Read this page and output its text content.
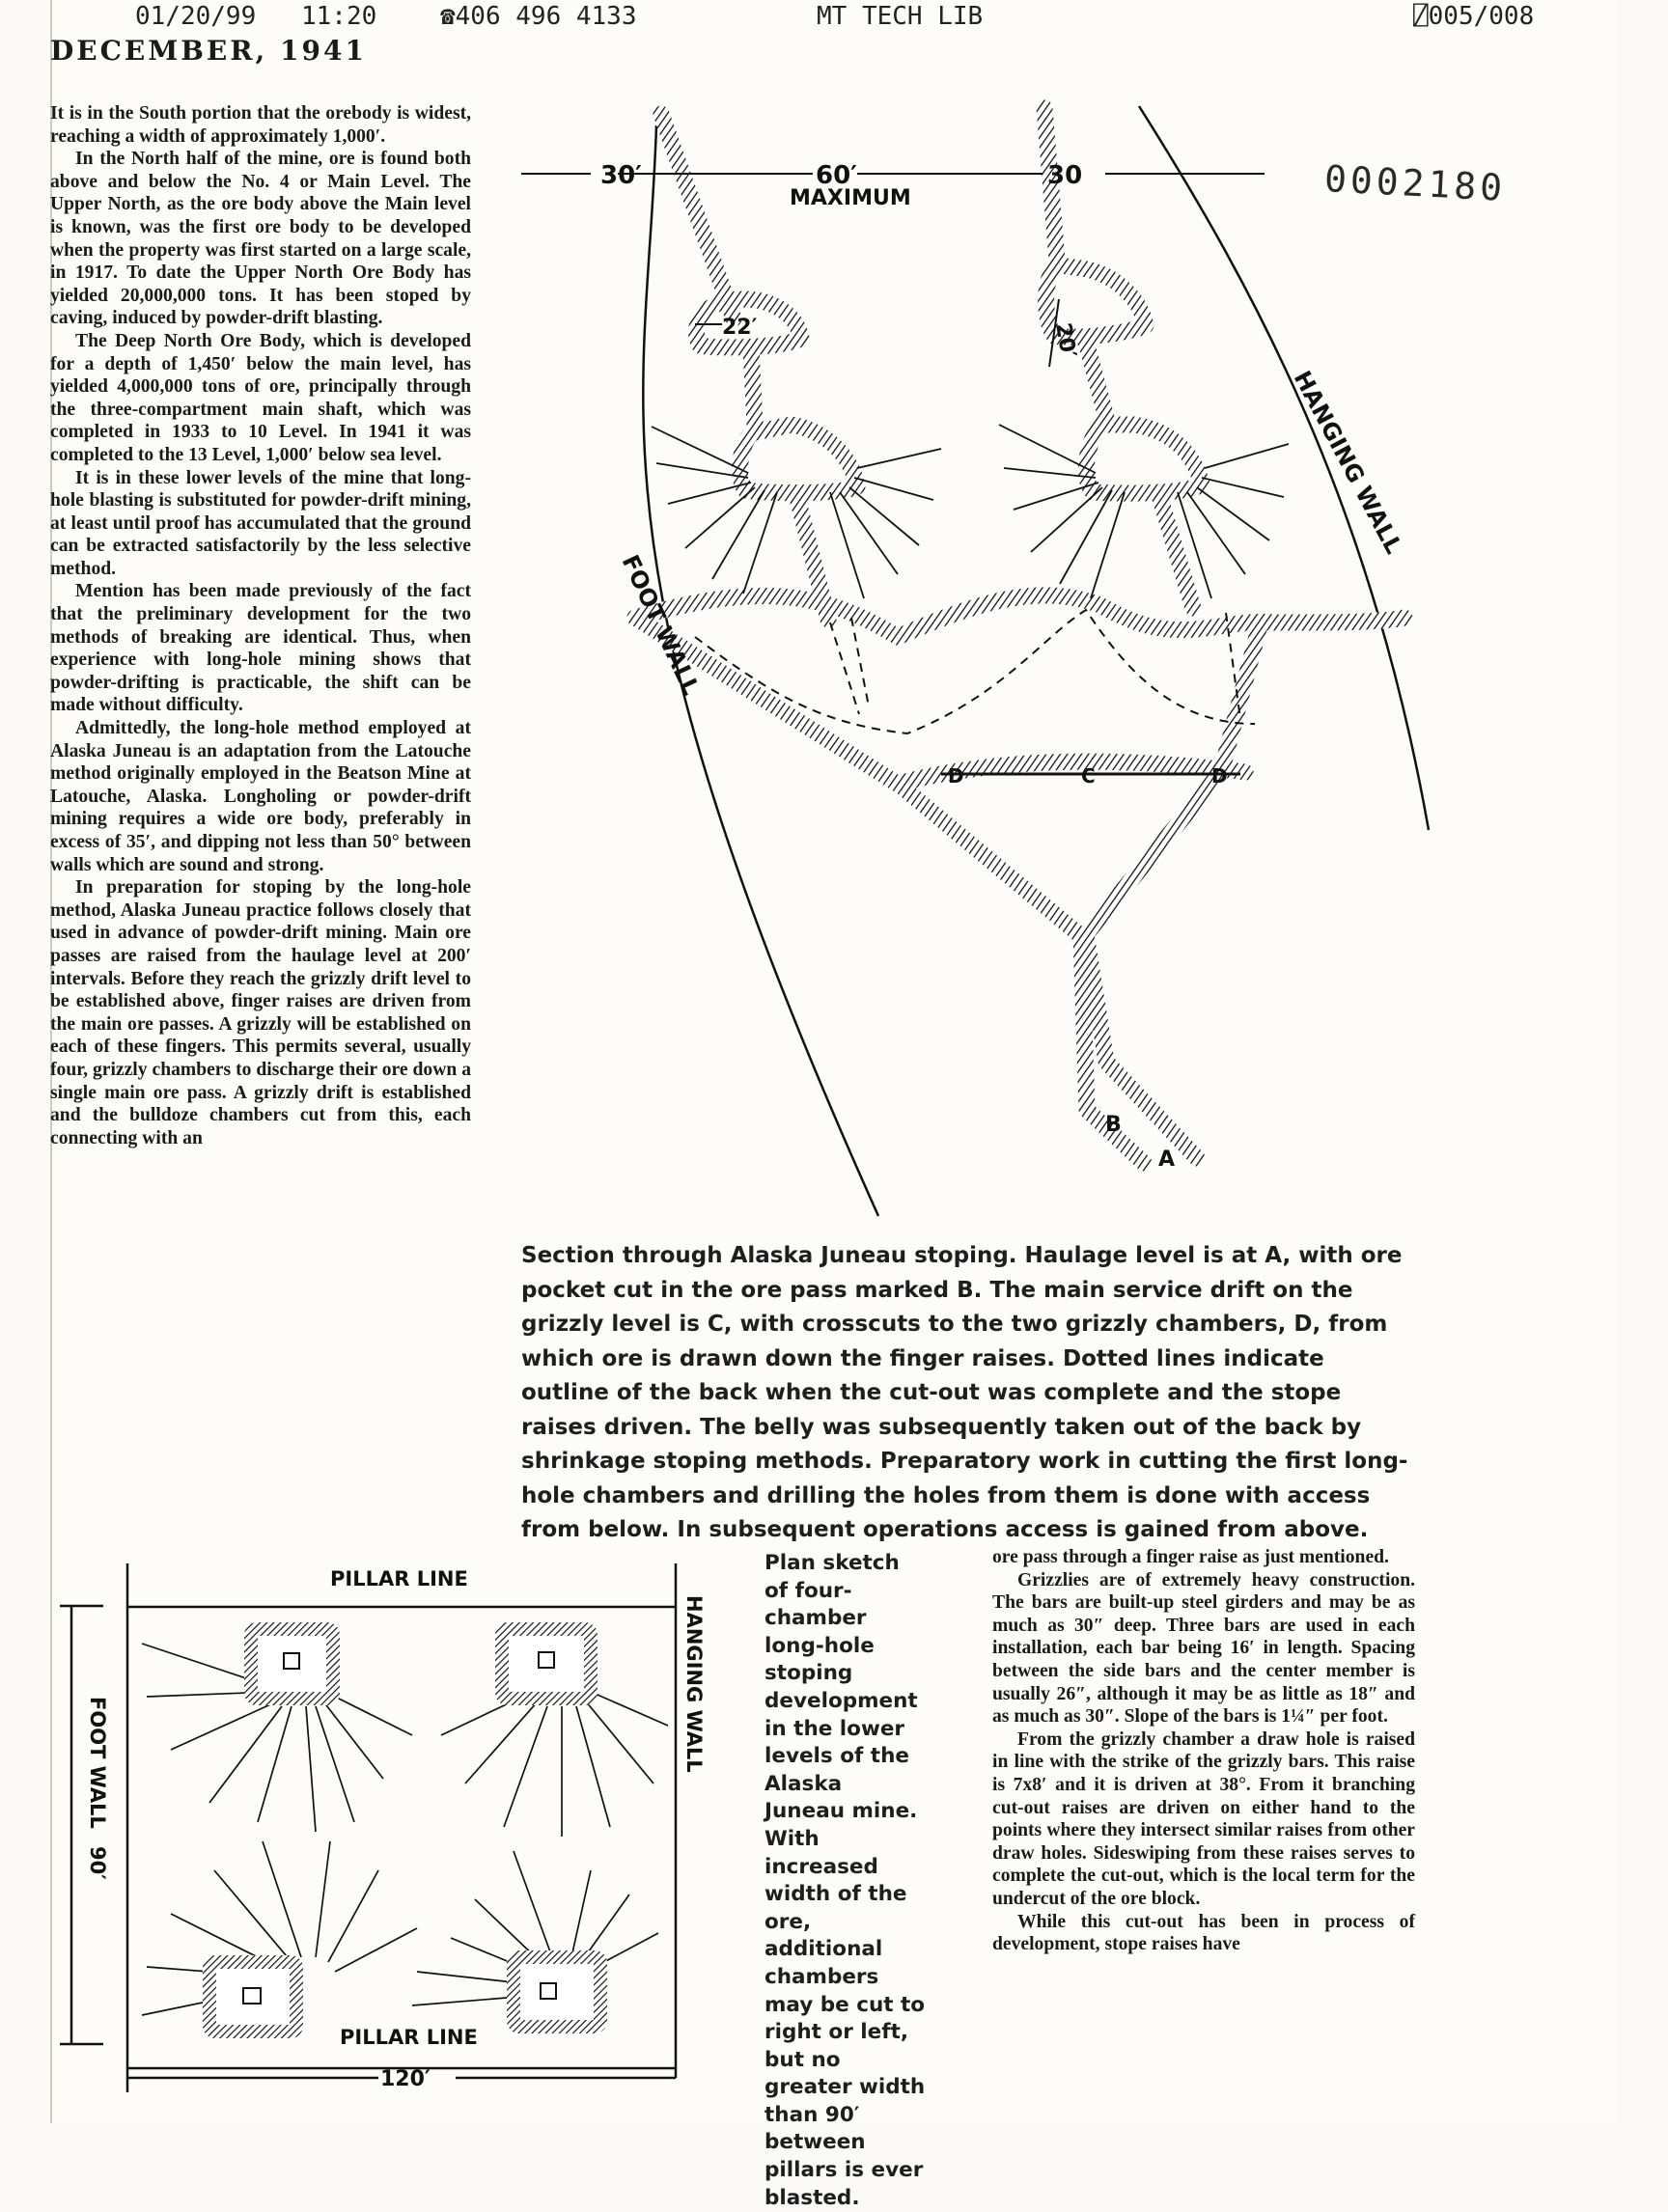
01/20/99 11:20	☎406 496 4133	MT TECH LIB	⍁005/008
DECEMBER, 1941
0002180

It is in the South portion that the orebody is widest, reaching a width of approximately 1,000′.

In the North half of the mine, ore is found both above and below the No. 4 or Main Level. The Upper North, as the ore body above the Main level is known, was the first ore body to be developed when the property was first started on a large scale, in 1917. To date the Upper North Ore Body has yielded 20,000,000 tons. It has been stoped by caving, induced by powder-drift blasting.

The Deep North Ore Body, which is developed for a depth of 1,450′ below the main level, has yielded 4,000,000 tons of ore, principally through the three-compartment main shaft, which was completed in 1933 to 10 Level. In 1941 it was completed to the 13 Level, 1,000′ below sea level.

It is in these lower levels of the mine that long-hole blasting is substituted for powder-drift mining, at least until proof has accumulated that the ground can be extracted satisfactorily by the less selective method.

Mention has been made previously of the fact that the preliminary development for the two methods of breaking are identical. Thus, when experience with long-hole mining shows that powder-drifting is practicable, the shift can be made without difficulty.

Admittedly, the long-hole method employed at Alaska Juneau is an adaptation from the Latouche method originally employed in the Beatson Mine at Latouche, Alaska. Longholing or powder-drift mining requires a wide ore body, preferably in excess of 35′, and dipping not less than 50° between walls which are sound and strong.

In preparation for stoping by the long-hole method, Alaska Juneau practice follows closely that used in advance of powder-drift mining. Main ore passes are raised from the haulage level at 200′ intervals. Before they reach the grizzly drift level to be established above, finger raises are driven from the main ore passes. A grizzly will be established on each of these fingers. This permits several, usually four, grizzly chambers to discharge their ore down a single main ore pass. A grizzly drift is established and the bulldoze chambers cut from this, each connecting with an

30′	60′
MAXIMUM
30
22′	20′
HANGING WALL
FOOT WALL
D	C	D
B
A
Section through Alaska Juneau stoping. Haulage level is at A, with ore pocket cut in the ore pass marked B. The main service drift on the grizzly level is C, with crosscuts to the two grizzly chambers, D, from which ore is drawn down the finger raises. Dotted lines indicate outline of the back when the cut-out was complete and the stope raises driven. The belly was subsequently taken out of the back by shrinkage stoping methods. Preparatory work in cutting the first long-hole chambers and drilling the holes from them is done with access from below. In subsequent operations access is gained from above.
PILLAR LINE
PILLAR LINE
HANGING WALL
FOOT WALL
90′
120′
Plan sketch of four-chamber long-hole stoping development in the lower levels of the Alaska Juneau mine. With increased width of the ore, additional chambers may be cut to right or left, but no greater width than 90′ between pillars is ever blasted.

ore pass through a finger raise as just mentioned.

Grizzlies are of extremely heavy construction. The bars are built-up steel girders and may be as much as 30″ deep. Three bars are used in each installation, each bar being 16′ in length. Spacing between the side bars and the center member is usually 26″, although it may be as little as 18″ and as much as 30″. Slope of the bars is 1¼″ per foot.

From the grizzly chamber a draw hole is raised in line with the strike of the grizzly bars. This raise is 7x8′ and it is driven at 38°. From it branching cut-out raises are driven on either hand to the points where they intersect similar raises from other draw holes. Sideswiping from these raises serves to complete the cut-out, which is the local term for the undercut of the ore block.

While this cut-out has been in process of development, stope raises have
